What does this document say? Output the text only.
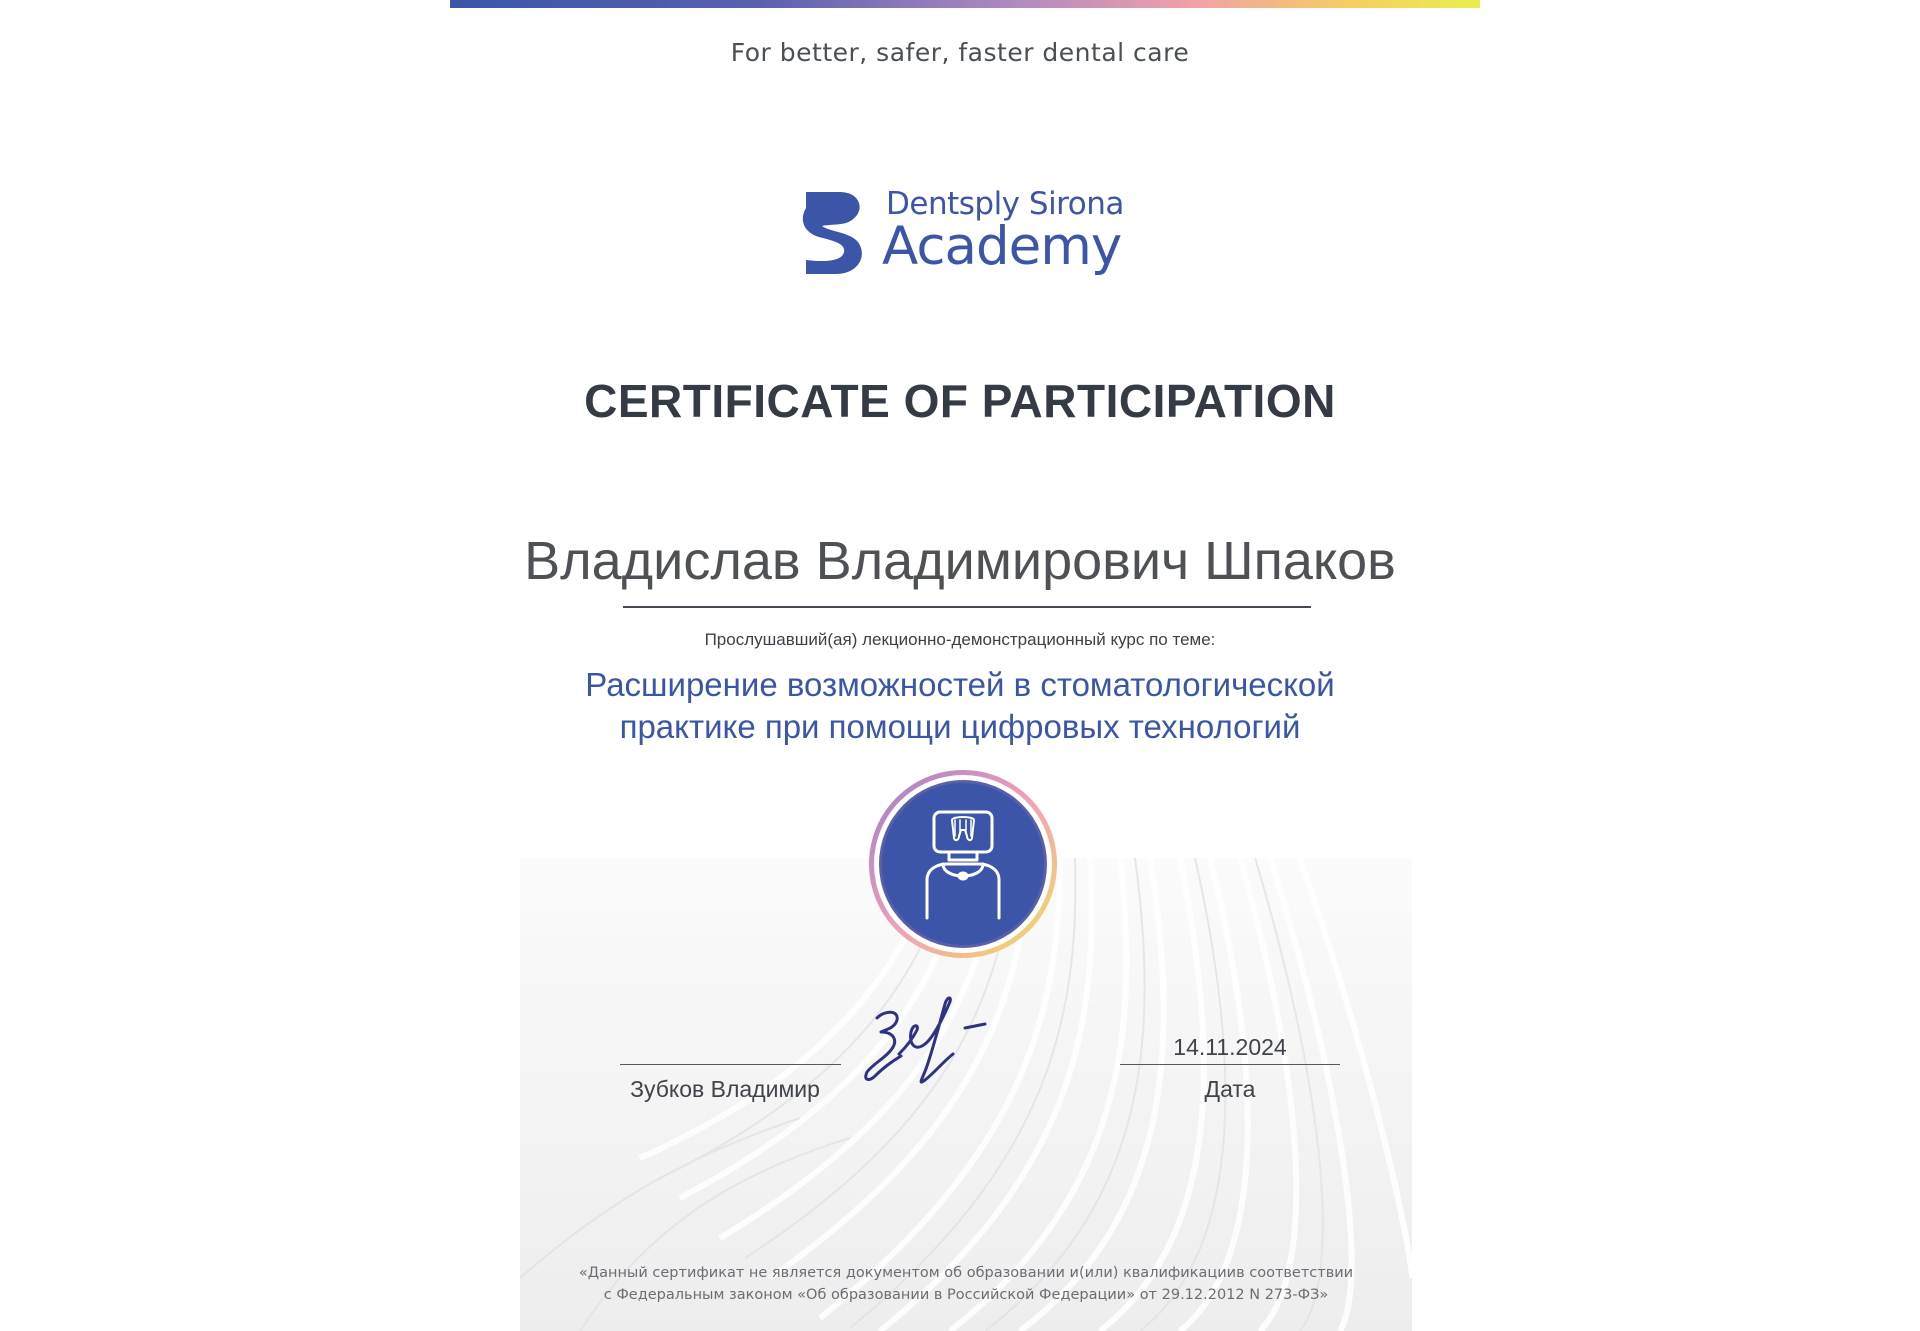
For better, safer, faster dental care
Dentsply Sirona
Academy
CERTIFICATE OF PARTICIPATION
Владислав Владимирович Шпаков
Прослушавший(ая) лекционно-демонстрационный курс по теме:
Расширение возможностей в стоматологической
практике при помощи цифровых технологий
Зубков Владимир
14.11.2024
Дата
«Данный сертификат не является документом об образовании и(или) квалификациив соответствии
с Федеральным законом «Об образовании в Российской Федерации» от 29.12.2012 N 273-ФЗ»
